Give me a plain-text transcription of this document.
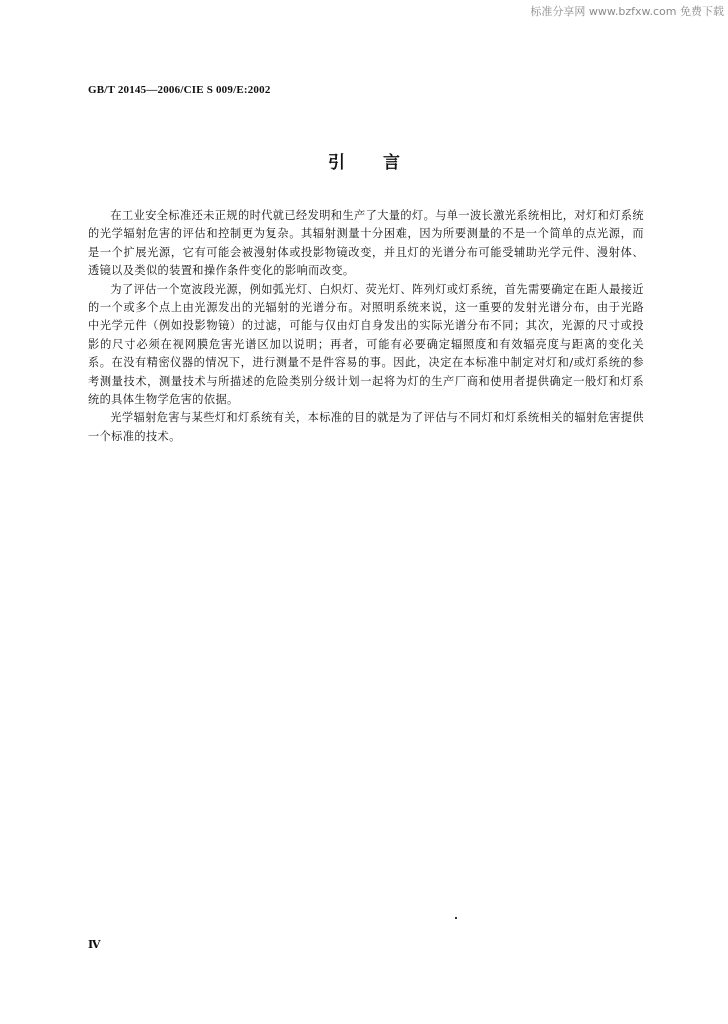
标准分享网 www.bzfxw.com 免费下载
GB/T 20145—2006/CIE S 009/E:2002
引言

在工业安全标准还未正规的时代就已经发明和生产了大量的灯。与单一波长激光系统相比，对灯和灯系统的光学辐射危害的评估和控制更为复杂。其辐射测量十分困难，因为所要测量的不是一个简单的点光源，而是一个扩展光源，它有可能会被漫射体或投影物镜改变，并且灯的光谱分布可能受辅助光学元件、漫射体、透镜以及类似的装置和操作条件变化的影响而改变。

为了评估一个宽波段光源，例如弧光灯、白炽灯、荧光灯、阵列灯或灯系统，首先需要确定在距人最接近的一个或多个点上由光源发出的光辐射的光谱分布。对照明系统来说，这一重要的发射光谱分布，由于光路中光学元件（例如投影物镜）的过滤，可能与仅由灯自身发出的实际光谱分布不同；其次，光源的尺寸或投影的尺寸必须在视网膜危害光谱区加以说明；再者，可能有必要确定辐照度和有效辐亮度与距离的变化关系。在没有精密仪器的情况下，进行测量不是件容易的事。因此，决定在本标准中制定对灯和/或灯系统的参考测量技术，测量技术与所描述的危险类别分级计划一起将为灯的生产厂商和使用者提供确定一般灯和灯系统的具体生物学危害的依据。

光学辐射危害与某些灯和灯系统有关，本标准的目的就是为了评估与不同灯和灯系统相关的辐射危害提供一个标准的技术。

Ⅳ
